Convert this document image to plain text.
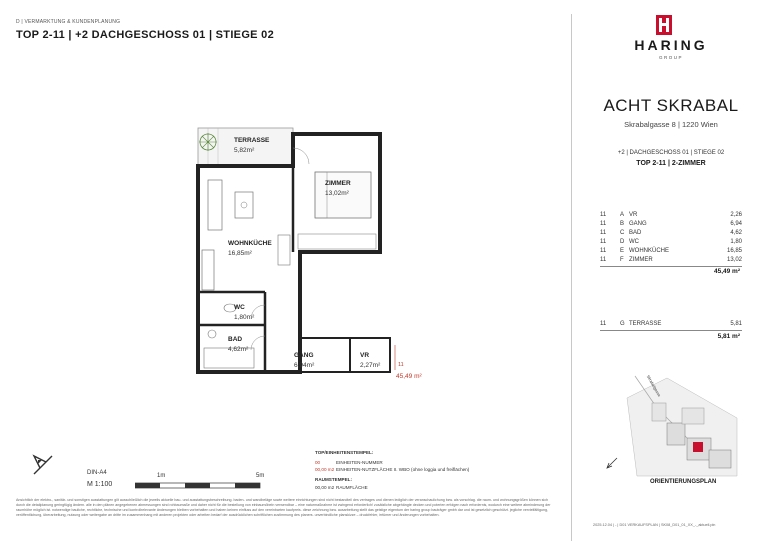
D | VERMARKTUNG & KUNDENPLANUNG
TOP 2-11 | +2 DACHGESCHOSS 01 | STIEGE 02
TERRASSE
5,82m²
ZIMMER
13,02m²
WOHNKÜCHE
16,85m²
WC
1,80m²
BAD
4,62m²
GANG
6,94m²
VR
2,27m²	11
45,49 m²
DIN-A4
M 1:100
1m	5m
TOP/EINHEITENSTEMPEL:
00
00,00 m2
EINHEITEN-NUMMER
EINHEITEN-NUTZFLÄCHE II. WBO (ohne loggia und freiflächen)
RAUMSTEMPEL:
00,00 m2 RAUMFLÄCHE
Ansichtlich der elektro-, sanitär- und sonstigen ausstattungen gilt ausschließlich die jeweils aktuelle bau- und ausstattungsbeschreibung. baden- und wandbeläge sowie weitere einrichtungen sind nicht bestandteil des vertrages und dienen lediglich der veranschaulichung bzw. als vorschlag. die raum- und wohnungsgrößen können sich durch die detailplanung geringfügig ändern. alle in den plänen angegebenen abmessungen sind rohbaumaße und daher nicht für die bestellung von einbaumöbeln verwendbar – eine naturmaßnahme ist zwingend erforderlich! zusätzliche abgehängte decken und poterien erfolgen nach erfordernis, wodurch eine weitere abminderung der raumhöhe möglich ist. notwendige bauliche, rechtliche, technische und kontrollrelevante änderungen bleiben vorbehalten und haben keinen einfluss auf den vereinbarten kaufpreis. diese zeichnung bzw. ausarbeitung stellt das geistige eigentum der haring group bauträger gmbh dar und ist gesetzlich geschützt. jegliche vervielfältigung, veröffentlichung, überarbeitung, nutzung oder weitergabe an dritte im zusammenhang mit anderen projekten oder arbeiten bedarf der ausdrücklichen schriftlichen zustimmung des planers. unverbindliche planskizze – druckfehler, irrtümer und änderungen vorbehalten.
HARING
GROUP
ACHT SKRABAL
Skrabalgasse 8 | 1220 Wien
+2 | DACHGESCHOSS 01 | STIEGE 02
TOP 2-11 | 2-ZIMMER
11 A VR	2,26
11 B GANG	6,94
11 C BAD	4,62
11 D WC	1,80
11 E WOHNKÜCHE	16,85
11 F ZIMMER	13,02
45,49 m²
11 G TERRASSE	5,81
5,81 m²
Skrabalgasse
ORIENTIERUNGSPLAN
2025.12.04 | - | D01 VERKAUFSPLAN | SK08_D01_01_XX_-_aktuell.pln
